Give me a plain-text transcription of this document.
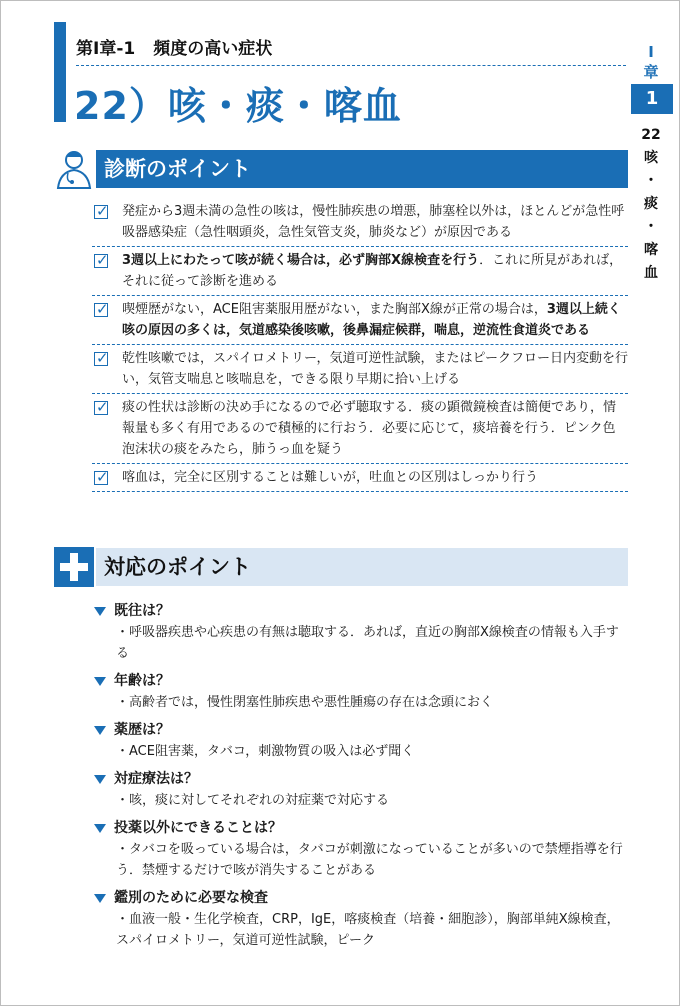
第Ⅰ章-1 頻度の高い症状
22）咳・痰・喀血
Ⅰ
章
1
22
咳
・
痰
・
喀
血
診断のポイント
✓
発症から3週未満の急性の咳は，慢性肺疾患の増悪，肺塞栓以外は，ほとんどが急性呼吸器感染症（急性咽頭炎，急性気管支炎，肺炎など）が原因である
✓
3週以上にわたって咳が続く場合は，必ず胸部X線検査を行う．これに所見があれば，それに従って診断を進める
✓
喫煙歴がない，ACE阻害薬服用歴がない，また胸部X線が正常の場合は，3週以上続く咳の原因の多くは，気道感染後咳嗽，後鼻漏症候群，喘息，逆流性食道炎である
✓
乾性咳嗽では，スパイロメトリー，気道可逆性試験，またはピークフロー日内変動を行い，気管支喘息と咳喘息を，できる限り早期に拾い上げる
✓
痰の性状は診断の決め手になるので必ず聴取する．痰の顕微鏡検査は簡便であり，情報量も多く有用であるので積極的に行おう．必要に応じて，痰培養を行う．ピンク色泡沫状の痰をみたら，肺うっ血を疑う
✓
喀血は，完全に区別することは難しいが，吐血との区別はしっかり行う
対応のポイント
既往は？
・呼吸器疾患や心疾患の有無は聴取する．あれば，直近の胸部X線検査の情報も入手する
年齢は？
・高齢者では，慢性閉塞性肺疾患や悪性腫瘍の存在は念頭におく
薬歴は？
・ACE阻害薬，タバコ，刺激物質の吸入は必ず聞く
対症療法は？
・咳，痰に対してそれぞれの対症薬で対応する
投薬以外にできることは？
・タバコを吸っている場合は，タバコが刺激になっていることが多いので禁煙指導を行う．禁煙するだけで咳が消失することがある
鑑別のために必要な検査
・血液一般・生化学検査，CRP，IgE，喀痰検査（培養・細胞診），胸部単純X線検査，スパイロメトリー，気道可逆性試験，ピーク
